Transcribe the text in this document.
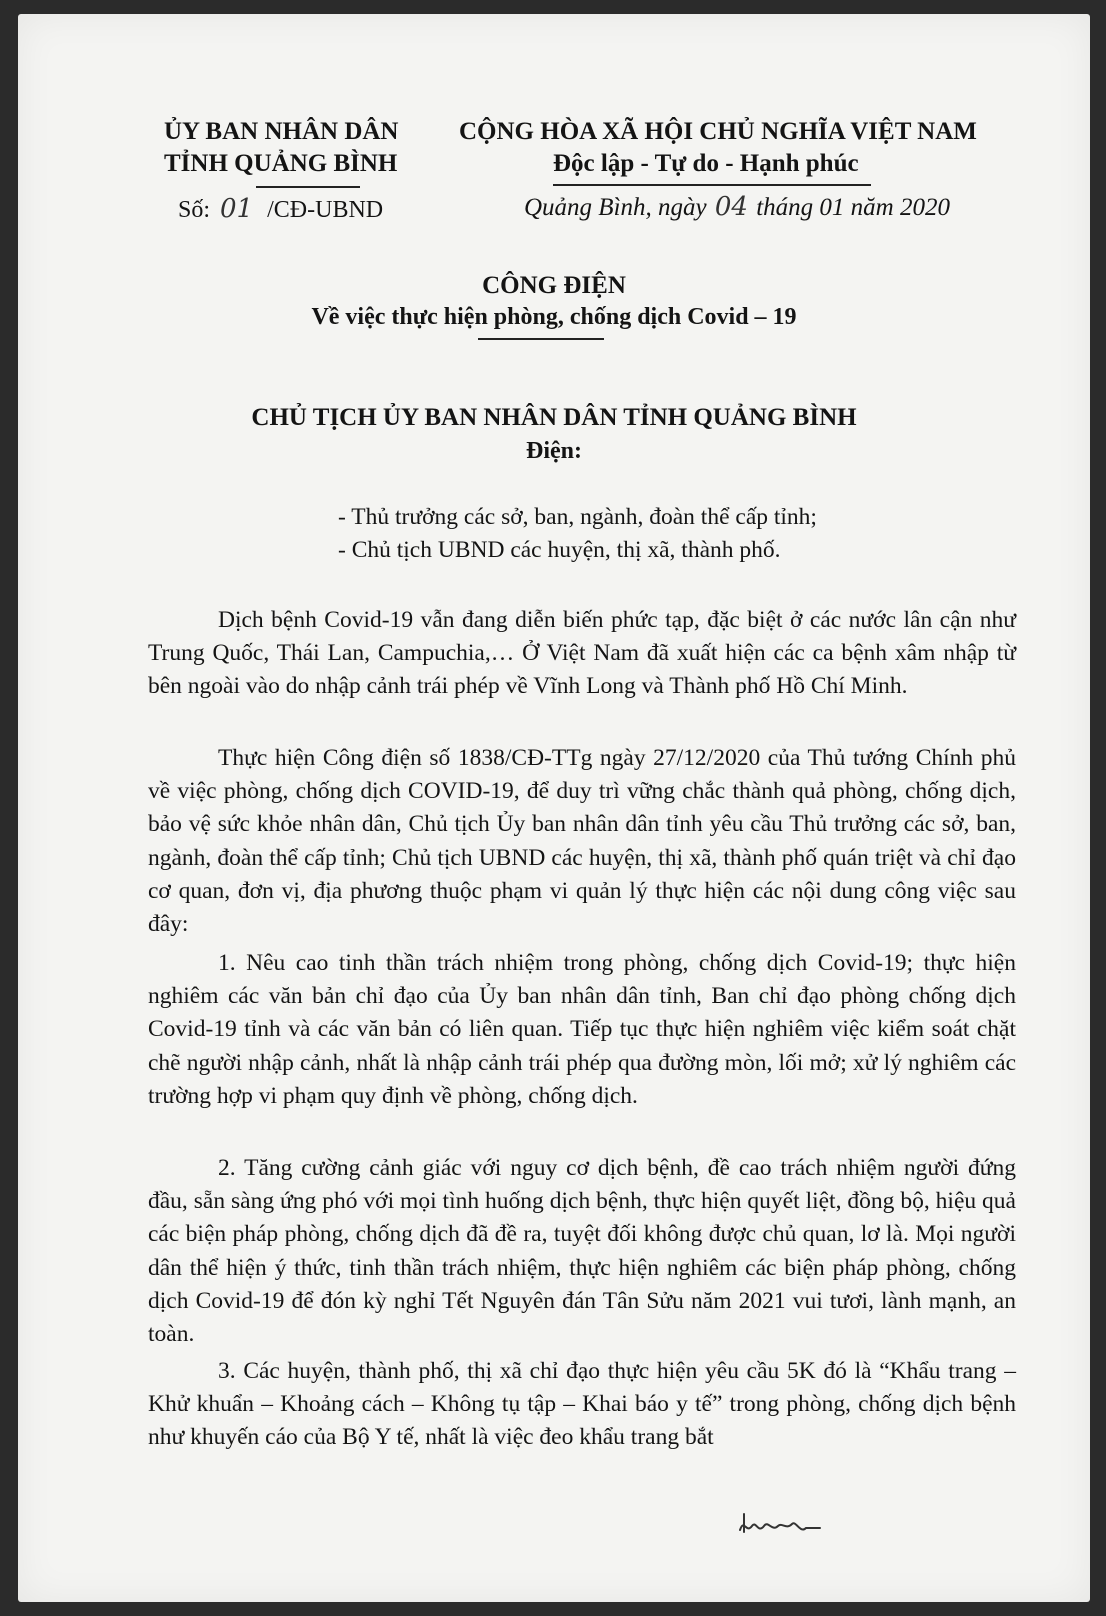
ỦY BAN NHÂN DÂN
TỈNH QUẢNG BÌNH
Số: 01 /CĐ-UBND
CỘNG HÒA XÃ HỘI CHỦ NGHĨA VIỆT NAM
Độc lập - Tự do - Hạnh phúc
Quảng Bình, ngày 04 tháng 01 năm 2020
CÔNG ĐIỆN
Về việc thực hiện phòng, chống dịch Covid – 19
CHỦ TỊCH ỦY BAN NHÂN DÂN TỈNH QUẢNG BÌNH
Điện:
- Thủ trưởng các sở, ban, ngành, đoàn thể cấp tỉnh;
- Chủ tịch UBND các huyện, thị xã, thành phố.
Dịch bệnh Covid-19 vẫn đang diễn biến phức tạp, đặc biệt ở các nước lân cận như Trung Quốc, Thái Lan, Campuchia,… Ở Việt Nam đã xuất hiện các ca bệnh xâm nhập từ bên ngoài vào do nhập cảnh trái phép về Vĩnh Long và Thành phố Hồ Chí Minh.
Thực hiện Công điện số 1838/CĐ-TTg ngày 27/12/2020 của Thủ tướng Chính phủ về việc phòng, chống dịch COVID-19, để duy trì vững chắc thành quả phòng, chống dịch, bảo vệ sức khỏe nhân dân, Chủ tịch Ủy ban nhân dân tỉnh yêu cầu Thủ trưởng các sở, ban, ngành, đoàn thể cấp tỉnh; Chủ tịch UBND các huyện, thị xã, thành phố quán triệt và chỉ đạo cơ quan, đơn vị, địa phương thuộc phạm vi quản lý thực hiện các nội dung công việc sau đây:
1. Nêu cao tinh thần trách nhiệm trong phòng, chống dịch Covid-19; thực hiện nghiêm các văn bản chỉ đạo của Ủy ban nhân dân tỉnh, Ban chỉ đạo phòng chống dịch Covid-19 tỉnh và các văn bản có liên quan. Tiếp tục thực hiện nghiêm việc kiểm soát chặt chẽ người nhập cảnh, nhất là nhập cảnh trái phép qua đường mòn, lối mở; xử lý nghiêm các trường hợp vi phạm quy định về phòng, chống dịch.
2. Tăng cường cảnh giác với nguy cơ dịch bệnh, đề cao trách nhiệm người đứng đầu, sẵn sàng ứng phó với mọi tình huống dịch bệnh, thực hiện quyết liệt, đồng bộ, hiệu quả các biện pháp phòng, chống dịch đã đề ra, tuyệt đối không được chủ quan, lơ là. Mọi người dân thể hiện ý thức, tinh thần trách nhiệm, thực hiện nghiêm các biện pháp phòng, chống dịch Covid-19 để đón kỳ nghỉ Tết Nguyên đán Tân Sửu năm 2021 vui tươi, lành mạnh, an toàn.
3. Các huyện, thành phố, thị xã chỉ đạo thực hiện yêu cầu 5K đó là “Khẩu trang – Khử khuẩn – Khoảng cách – Không tụ tập – Khai báo y tế” trong phòng, chống dịch bệnh như khuyến cáo của Bộ Y tế, nhất là việc đeo khẩu trang bắt
